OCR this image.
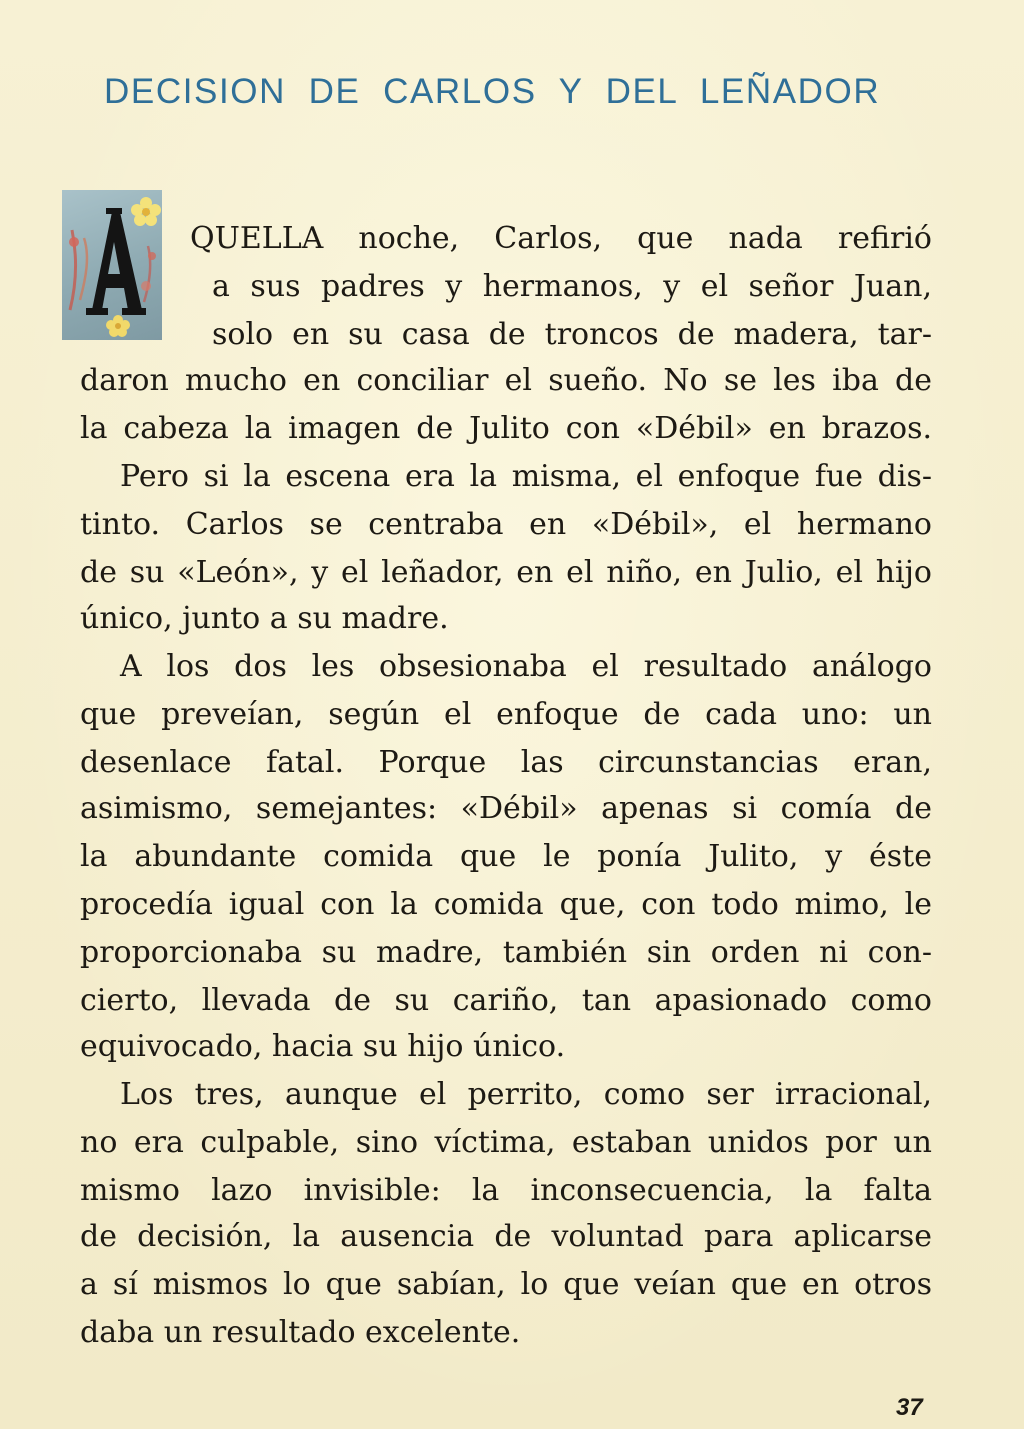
DECISION  DE  CARLOS  Y  DEL  LEÑADOR
QUELLA noche, Carlos, que nada refirió
a sus padres y hermanos, y el señor Juan,
solo en su casa de troncos de madera, tar-
daron mucho en conciliar el sueño. No se les iba de
la cabeza la imagen de Julito con «Débil» en brazos.
Pero si la escena era la misma, el enfoque fue dis-
tinto. Carlos se centraba en «Débil», el hermano
de su «León», y el leñador, en el niño, en Julio, el hijo
único, junto a su madre.
A los dos les obsesionaba el resultado análogo
que preveían, según el enfoque de cada uno: un
desenlace fatal. Porque las circunstancias eran,
asimismo, semejantes: «Débil» apenas si comía de
la abundante comida que le ponía Julito, y éste
procedía igual con la comida que, con todo mimo, le
proporcionaba su madre, también sin orden ni con-
cierto, llevada de su cariño, tan apasionado como
equivocado, hacia su hijo único.
Los tres, aunque el perrito, como ser irracional,
no era culpable, sino víctima, estaban unidos por un
mismo lazo invisible: la inconsecuencia, la falta
de decisión, la ausencia de voluntad para aplicarse
a sí mismos lo que sabían, lo que veían que en otros
daba un resultado excelente.
37
